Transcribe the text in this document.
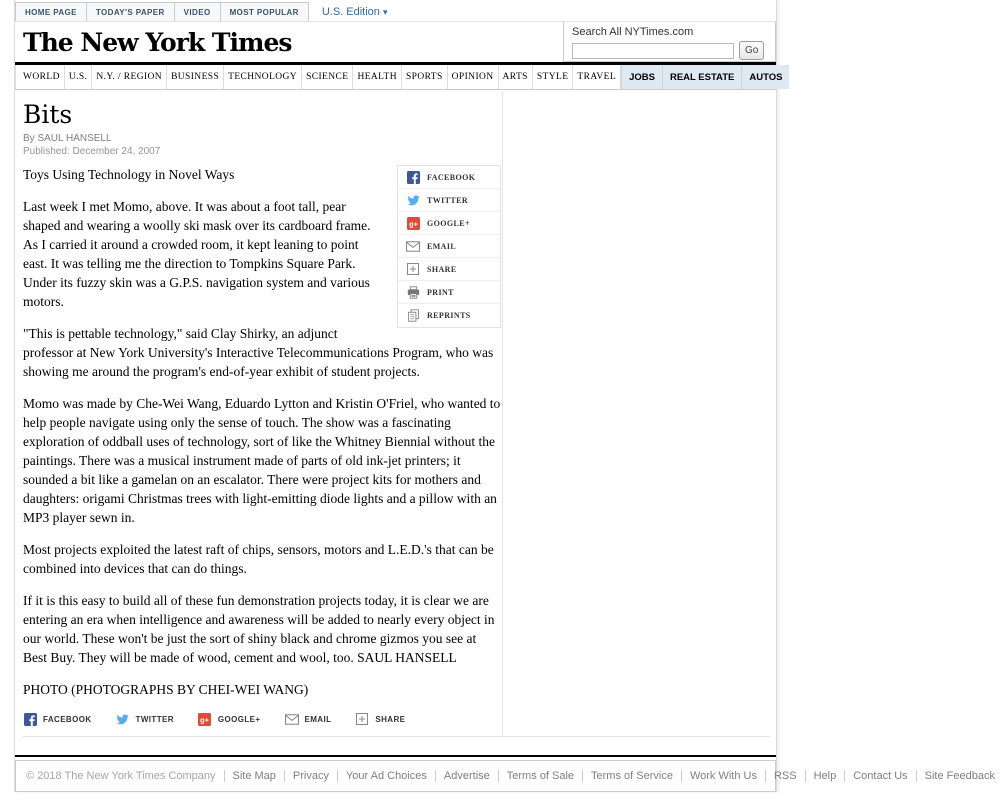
HOME PAGE	TODAY'S PAPER	VIDEO	MOST POPULAR	U.S. Edition ▾
The New York Times	Search All NYTimes.com
Go
WORLD U.S. N.Y. / REGION BUSINESS TECHNOLOGY SCIENCE HEALTH SPORTS OPINION ARTS STYLE TRAVEL	JOBS	REAL ESTATE	AUTOS
Bits
By SAUL HANSELL
Published: December 24, 2007
FACEBOOK
TWITTER
g+ GOOGLE+
EMAIL
SHARE
PRINT
REPRINTS

Toys Using Technology in Novel Ways

Last week I met Momo, above. It was about a foot tall, pear shaped and wearing a woolly ski mask over its cardboard frame. As I carried it around a crowded room, it kept leaning to point east. It was telling me the direction to Tompkins Square Park. Under its fuzzy skin was a G.P.S. navigation system and various motors.

"This is pettable technology," said Clay Shirky, an adjunct professor at New York University's Interactive Telecommunications Program, who was showing me around the program's end-of-year exhibit of student projects.

Momo was made by Che-Wei Wang, Eduardo Lytton and Kristin O'Friel, who wanted to help people navigate using only the sense of touch. The show was a fascinating exploration of oddball uses of technology, sort of like the Whitney Biennial without the paintings. There was a musical instrument made of parts of old ink-jet printers; it sounded a bit like a gamelan on an escalator. There were project kits for mothers and daughters: origami Christmas trees with light-emitting diode lights and a pillow with an MP3 player sewn in.

Most projects exploited the latest raft of chips, sensors, motors and L.E.D.'s that can be combined into devices that can do things.

If it is this easy to build all of these fun demonstration projects today, it is clear we are entering an era when intelligence and awareness will be added to nearly every object in our world. These won't be just the sort of shiny black and chrome gizmos you see at Best Buy. They will be made of wood, cement and wool, too. SAUL HANSELL

PHOTO (PHOTOGRAPHS BY CHEI-WEI WANG)

FACEBOOK	TWITTER	g+ GOOGLE+	EMAIL	SHARE
© 2018 The New York Times Company	Site Map	Privacy	Your Ad Choices	Advertise	Terms of Sale	Terms of Service	Work With Us	RSS	Help	Contact Us	Site Feedback
